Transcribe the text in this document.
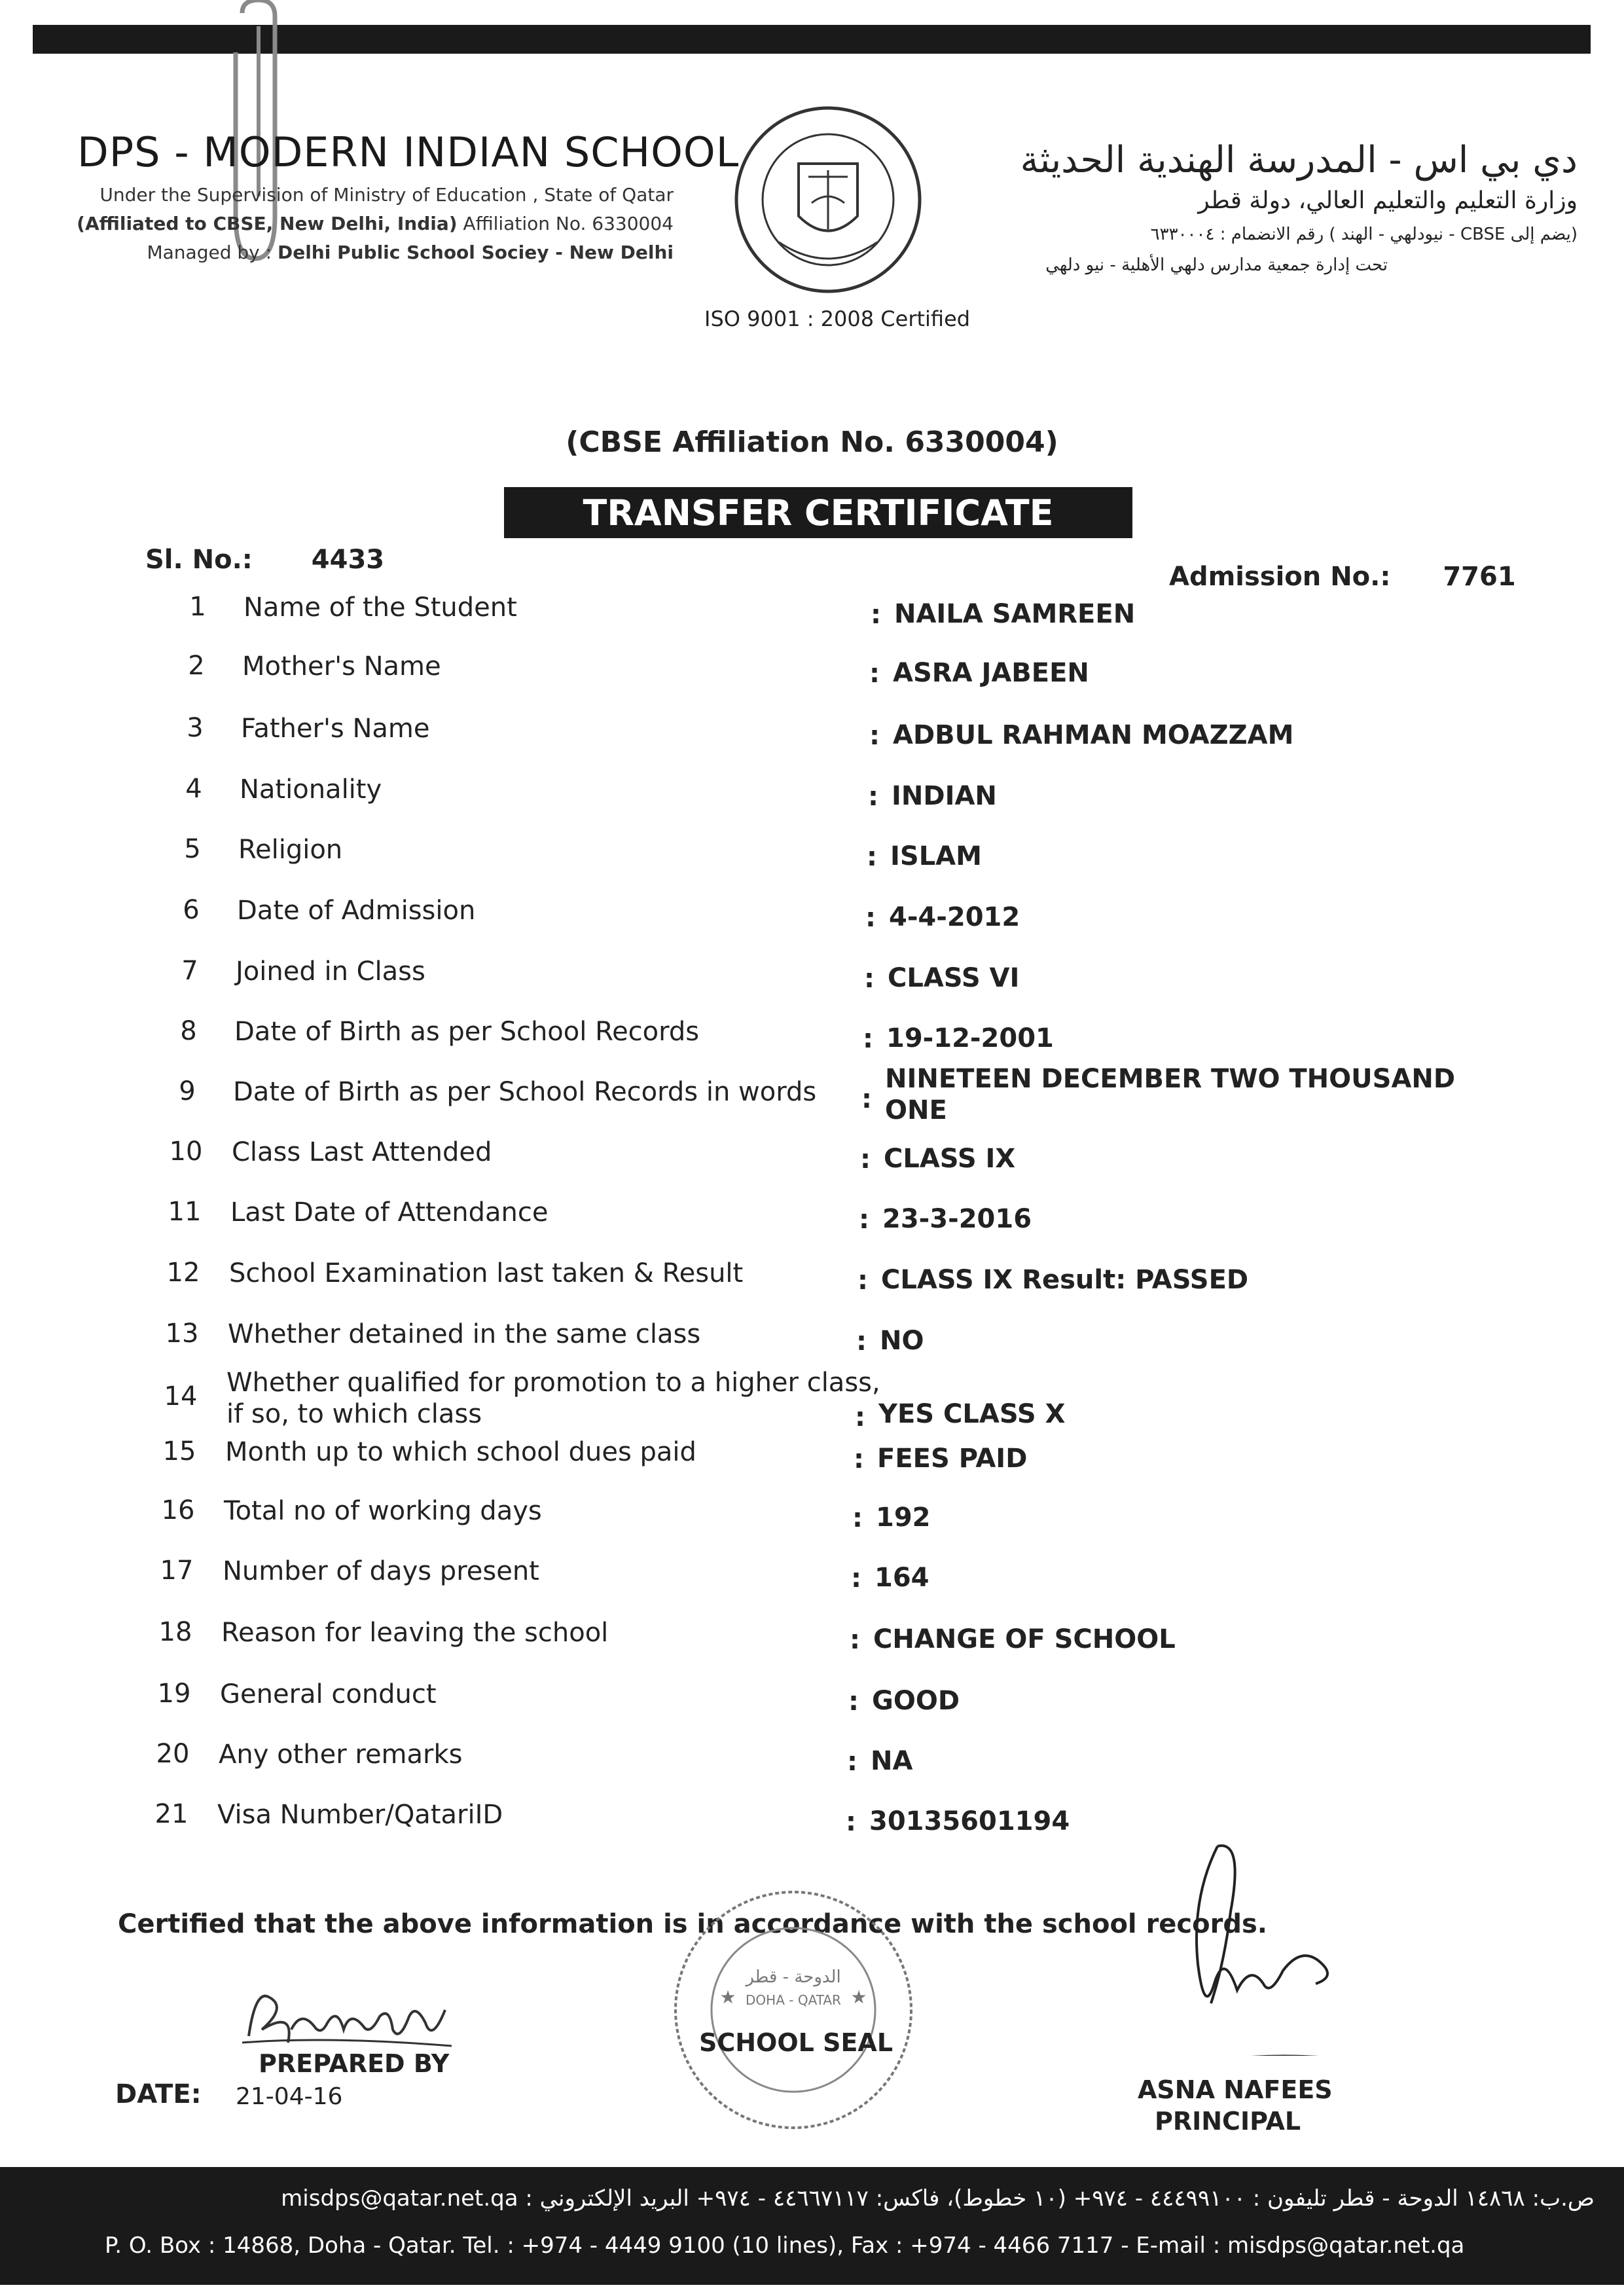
DPS - MODERN INDIAN SCHOOL
Under the Supervision of Ministry of Education , State of Qatar
(Affiliated to CBSE, New Delhi, India) Affiliation No. 6330004
Managed by : Delhi Public School Sociey - New Delhi
ISO 9001 : 2008 Certified
دي بي اس - المدرسة الهندية الحديثة
وزارة التعليم والتعليم العالي، دولة قطر
(يضم إلى CBSE - نيودلهي - الهند ) رقم الانضمام : ٦٣٣٠٠٠٤
تحت إدارة جمعية مدارس دلهي الأهلية - نيو دلهي
(CBSE Affiliation No. 6330004)
TRANSFER CERTIFICATE
Sl. No.: 4433
Admission No.: 7761
1	Name of the Student	: NAILA SAMREEN
2	Mother's Name	: ASRA JABEEN
3	Father's Name	: ADBUL RAHMAN MOAZZAM
4	Nationality	: INDIAN
5	Religion	: ISLAM
6	Date of Admission	: 4-4-2012
7	Joined in Class	: CLASS VI
8	Date of Birth as per School Records	: 19-12-2001
9	Date of Birth as per School Records in words :
NINETEEN DECEMBER TWO THOUSAND
ONE
10 Class Last Attended	: CLASS IX
11 Last Date of Attendance	: 23-3-2016
12 School Examination last taken & Result	: CLASS IX Result: PASSED
13 Whether detained in the same class	: NO
14 Whether qualified for promotion to a higher class,
if so, to which class	: YES CLASS X
15 Month up to which school dues paid	: FEES PAID
16 Total no of working days	: 192
17 Number of days present	: 164
18 Reason for leaving the school	: CHANGE OF SCHOOL
19 General conduct	: GOOD
20 Any other remarks	: NA
21 Visa Number/QatariID	: 30135601194
Certified that the above information is in accordance with the school records.
الدوحة - قطر
DOHA - QATAR
★	★
SCHOOL SEAL
PREPARED BY
DATE: 21-04-16	ASNA NAFEES
PRINCIPAL
ص.ب: ١٤٨٦٨ الدوحة - قطر تليفون : ٤٤٤٩٩١٠٠ - ٩٧٤+ (١٠ خطوط)، فاكس: ٤٤٦٦٧١١٧ - ٩٧٤+ البريد الإلكتروني : misdps@qatar.net.qa
P. O. Box : 14868, Doha - Qatar. Tel. : +974 - 4449 9100 (10 lines), Fax : +974 - 4466 7117 - E-mail : misdps@qatar.net.qa
